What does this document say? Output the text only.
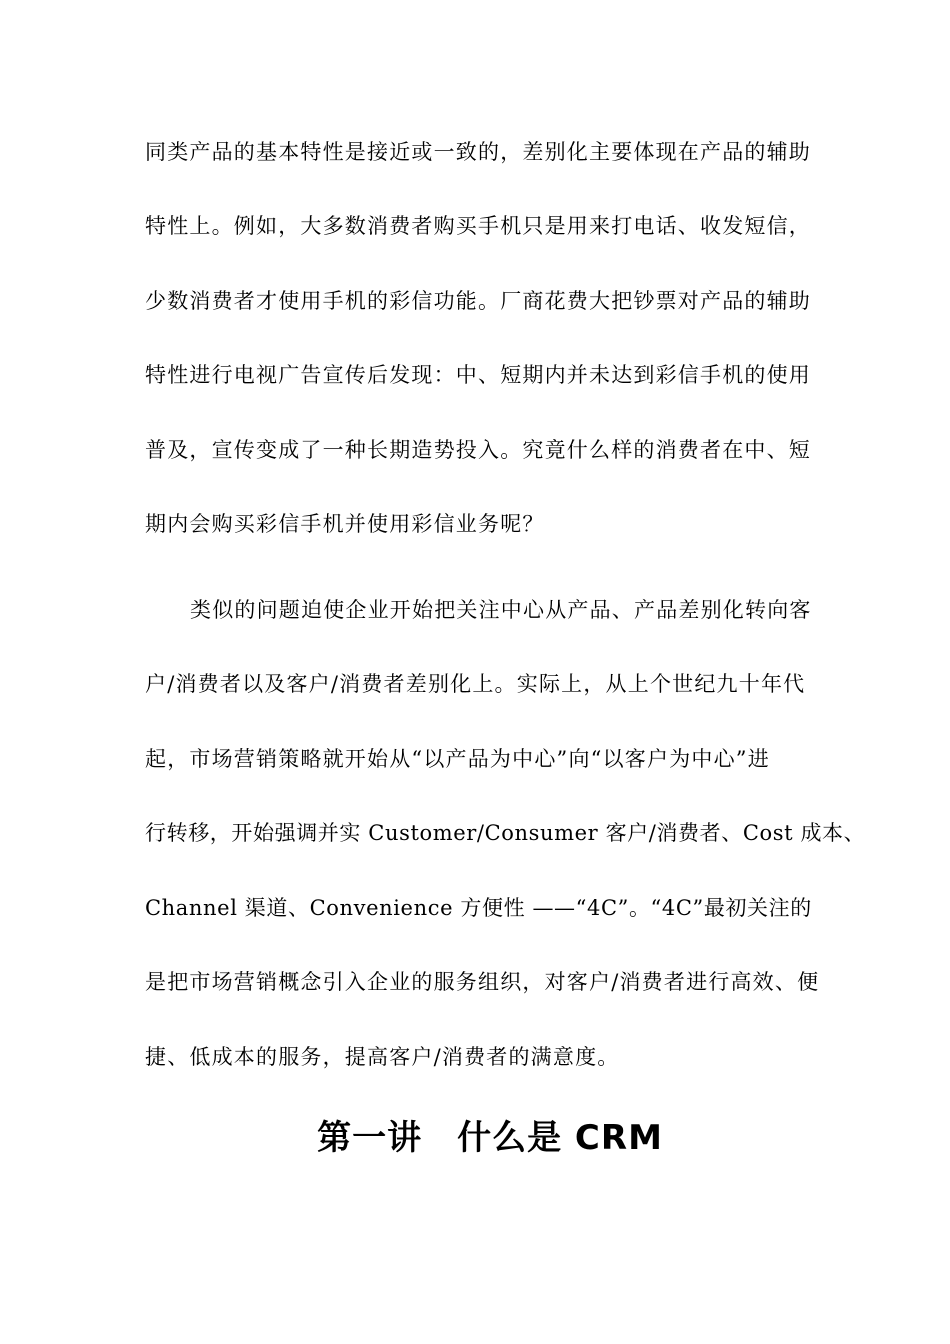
同类产品的基本特性是接近或一致的，差别化主要体现在产品的辅助
特性上。例如，大多数消费者购买手机只是用来打电话、收发短信，
少数消费者才使用手机的彩信功能。厂商花费大把钞票对产品的辅助
特性进行电视广告宣传后发现：中、短期内并未达到彩信手机的使用
普及，宣传变成了一种长期造势投入。究竟什么样的消费者在中、短
期内会购买彩信手机并使用彩信业务呢？
类似的问题迫使企业开始把关注中心从产品、产品差别化转向客
户/消费者以及客户/消费者差别化上。实际上，从上个世纪九十年代
起，市场营销策略就开始从“以产品为中心”向“以客户为中心”进
行转移，开始强调并实 Customer/Consumer 客户/消费者、Cost 成本、
Channel 渠道、Convenience 方便性 ——“4C”。“4C”最初关注的
是把市场营销概念引入企业的服务组织，对客户/消费者进行高效、便
捷、低成本的服务，提高客户/消费者的满意度。
第一讲　什么是 CRM
